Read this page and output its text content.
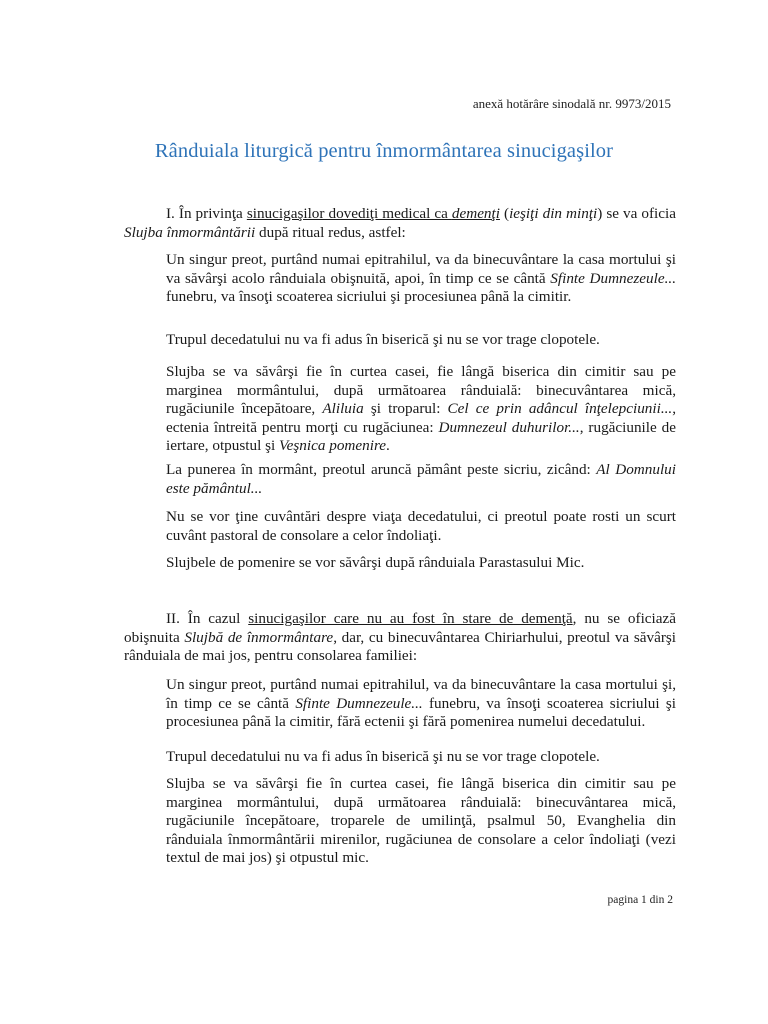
anexă hotărâre sinodală nr. 9973/2015
Rânduiala liturgică pentru înmormântarea sinucigaşilor

I. În privinţa sinucigaşilor dovediţi medical ca demenţi (ieşiţi din minţi) se va oficia Slujba înmormântării după ritual redus, astfel:

Un singur preot, purtând numai epitrahilul, va da binecuvântare la casa mortului şi va săvârşi acolo rânduiala obişnuită, apoi, în timp ce se cântă Sfinte Dumnezeule... funebru, va însoţi scoaterea sicriului şi procesiunea până la cimitir.

Trupul decedatului nu va fi adus în biserică şi nu se vor trage clopotele.

Slujba se va săvârşi fie în curtea casei, fie lângă biserica din cimitir sau pe marginea mormântului, după următoarea rânduială: binecuvântarea mică, rugăciunile începătoare, Aliluia şi troparul: Cel ce prin adâncul înţelepciunii..., ectenia întreită pentru morţi cu rugăciunea: Dumnezeul duhurilor..., rugăciunile de iertare, otpustul şi Veşnica pomenire.

La punerea în mormânt, preotul aruncă pământ peste sicriu, zicând: Al Domnului este pământul...

Nu se vor ţine cuvântări despre viaţa decedatului, ci preotul poate rosti un scurt cuvânt pastoral de consolare a celor îndoliaţi.

Slujbele de pomenire se vor săvârşi după rânduiala Parastasului Mic.

II. În cazul sinucigaşilor care nu au fost în stare de demenţă, nu se oficiază obişnuita Slujbă de înmormântare, dar, cu binecuvântarea Chiriarhului, preotul va săvârşi rânduiala de mai jos, pentru consolarea familiei:

Un singur preot, purtând numai epitrahilul, va da binecuvântare la casa mortului şi, în timp ce se cântă Sfinte Dumnezeule... funebru, va însoţi scoaterea sicriului şi procesiunea până la cimitir, fără ectenii şi fără pomenirea numelui decedatului.

Trupul decedatului nu va fi adus în biserică şi nu se vor trage clopotele.

Slujba se va săvârşi fie în curtea casei, fie lângă biserica din cimitir sau pe marginea mormântului, după următoarea rânduială: binecuvântarea mică, rugăciunile începătoare, troparele de umilinţă, psalmul 50, Evanghelia din rânduiala înmormântării mirenilor, rugăciunea de consolare a celor îndoliaţi (vezi textul de mai jos) şi otpustul mic.

pagina 1 din 2
